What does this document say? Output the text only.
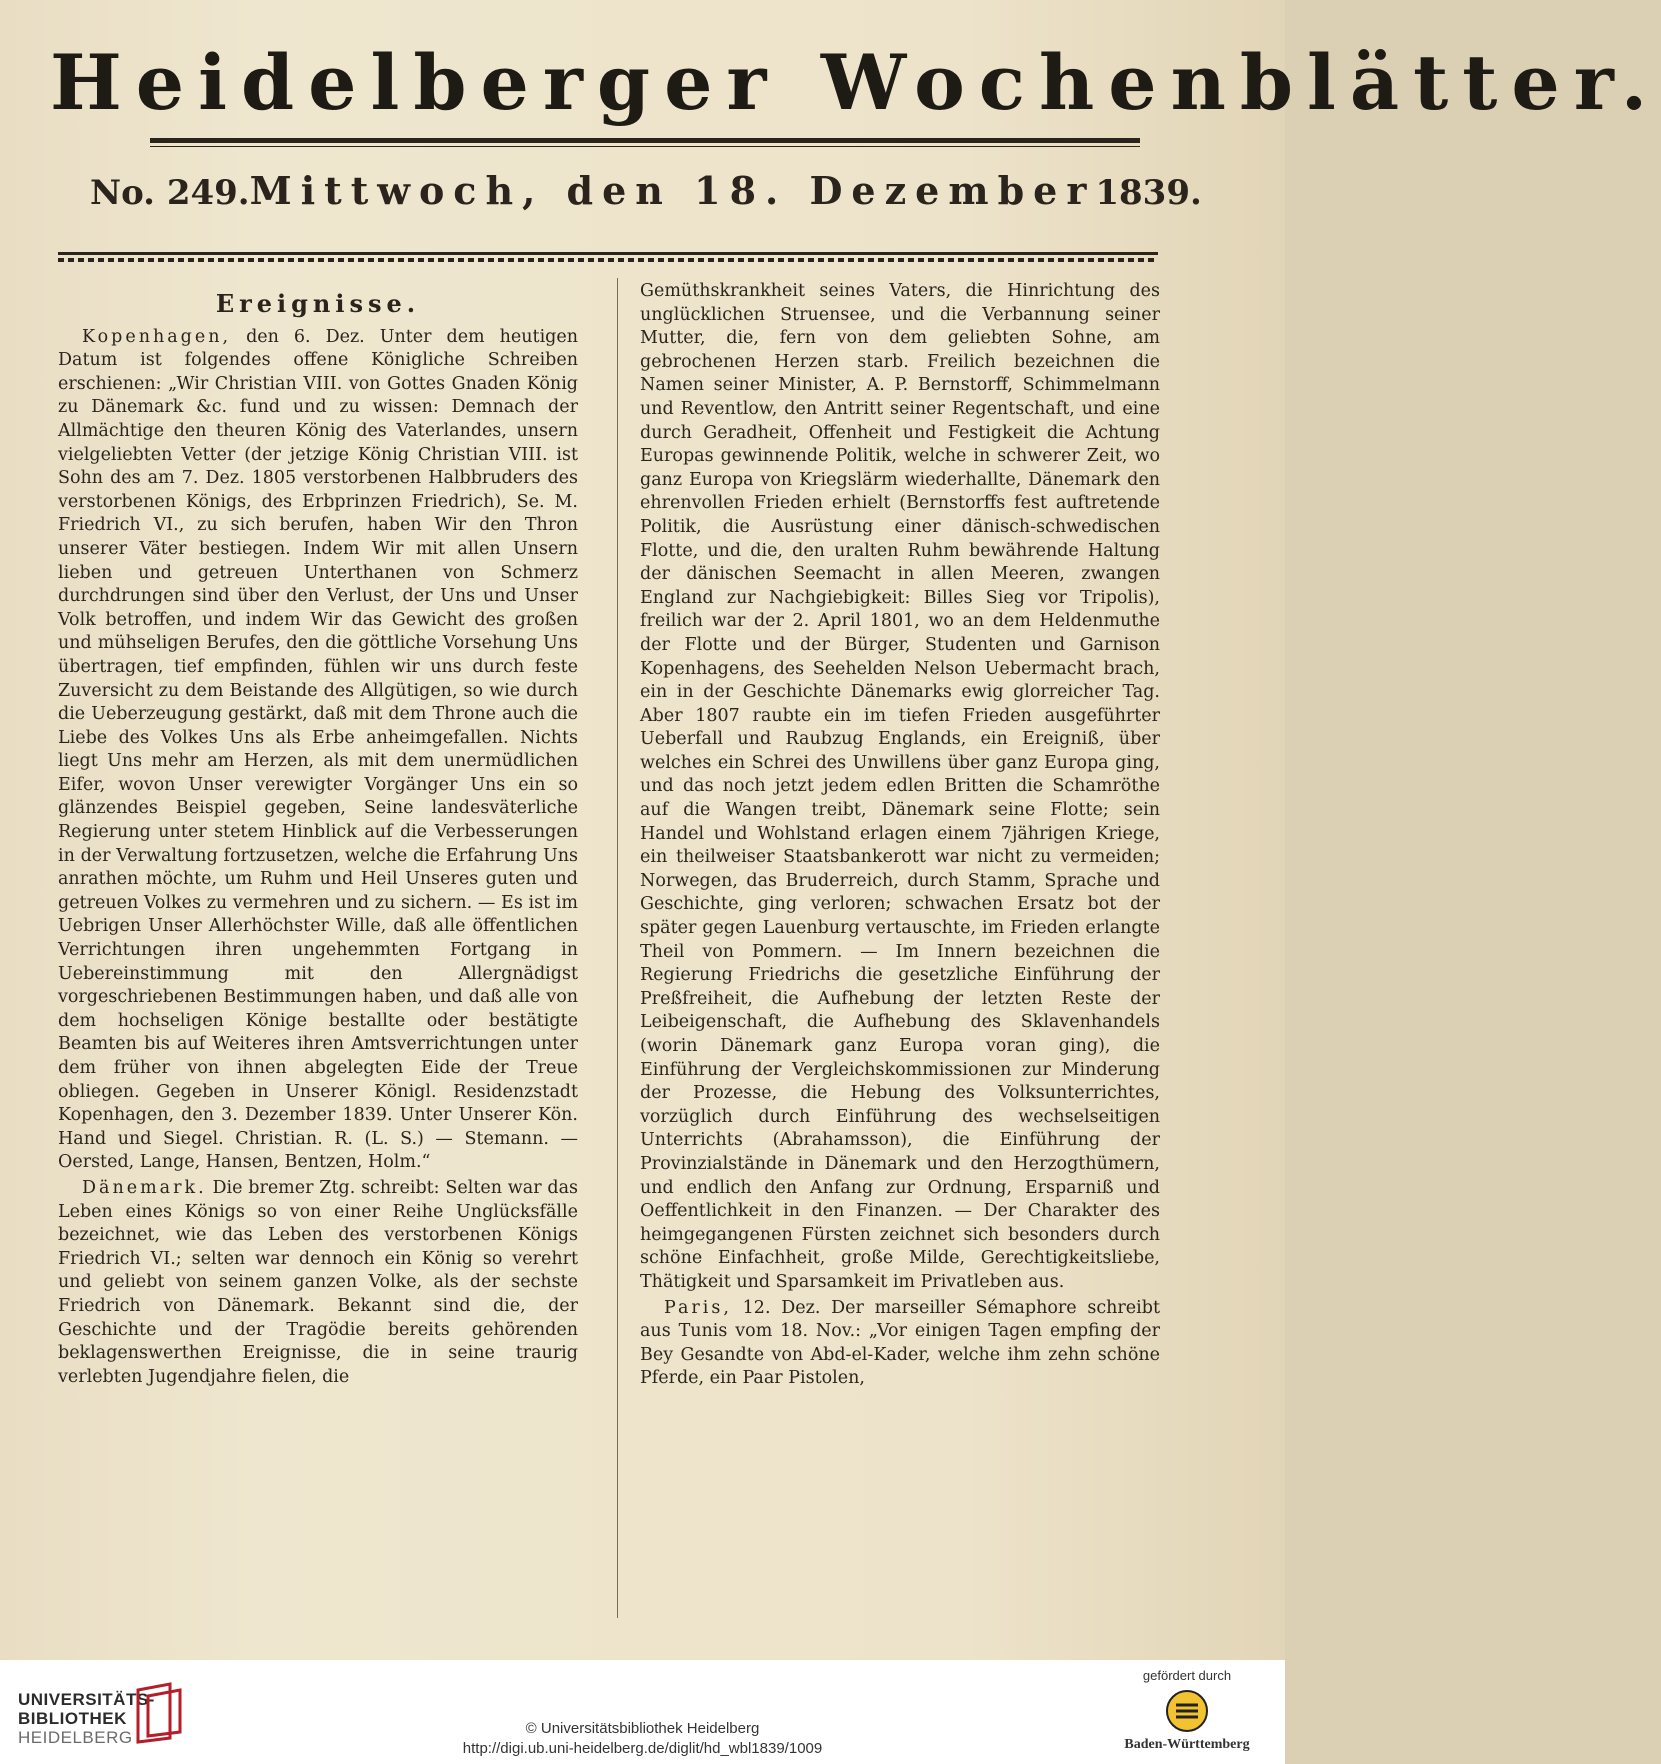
Heidelberger Wochenblätter.
No. 249. Mittwoch, den 18. Dezember 1839.
Ereignisse.

Kopenhagen, den 6. Dez. Unter dem heutigen Datum ist folgendes offene Königliche Schreiben erschienen: „Wir Christian VIII. von Gottes Gnaden König zu Dänemark &c. fund und zu wissen: Demnach der Allmächtige den theuren König des Vaterlandes, unsern vielgeliebten Vetter (der jetzige König Christian VIII. ist Sohn des am 7. Dez. 1805 verstorbenen Halbbruders des verstorbenen Königs, des Erbprinzen Friedrich), Se. M. Friedrich VI., zu sich berufen, haben Wir den Thron unserer Väter bestiegen. Indem Wir mit allen Unsern lieben und getreuen Unterthanen von Schmerz durchdrungen sind über den Verlust, der Uns und Unser Volk betroffen, und indem Wir das Gewicht des großen und mühseligen Berufes, den die göttliche Vorsehung Uns übertragen, tief empfinden, fühlen wir uns durch feste Zuversicht zu dem Beistande des Allgütigen, so wie durch die Ueberzeugung gestärkt, daß mit dem Throne auch die Liebe des Volkes Uns als Erbe anheimgefallen. Nichts liegt Uns mehr am Herzen, als mit dem unermüdlichen Eifer, wovon Unser verewigter Vorgänger Uns ein so glänzendes Beispiel gegeben, Seine landesväterliche Regierung unter stetem Hinblick auf die Verbesserungen in der Verwaltung fortzusetzen, welche die Erfahrung Uns anrathen möchte, um Ruhm und Heil Unseres guten und getreuen Volkes zu vermehren und zu sichern. — Es ist im Uebrigen Unser Allerhöchster Wille, daß alle öffentlichen Verrichtungen ihren ungehemmten Fortgang in Uebereinstimmung mit den Allergnädigst vorgeschriebenen Bestimmungen haben, und daß alle von dem hochseligen Könige bestallte oder bestätigte Beamten bis auf Weiteres ihren Amtsverrichtungen unter dem früher von ihnen abgelegten Eide der Treue obliegen. Gegeben in Unserer Königl. Residenzstadt Kopenhagen, den 3. Dezember 1839. Unter Unserer Kön. Hand und Siegel. Christian. R. (L. S.) — Stemann. — Oersted, Lange, Hansen, Bentzen, Holm.“

Dänemark. Die bremer Ztg. schreibt: Selten war das Leben eines Königs so von einer Reihe Unglücksfälle bezeichnet, wie das Leben des verstorbenen Königs Friedrich VI.; selten war dennoch ein König so verehrt und geliebt von seinem ganzen Volke, als der sechste Friedrich von Dänemark. Bekannt sind die, der Geschichte und der Tragödie bereits gehörenden beklagenswerthen Ereignisse, die in seine traurig verlebten Jugendjahre fielen, die

Gemüthskrankheit seines Vaters, die Hinrichtung des unglücklichen Struensee, und die Verbannung seiner Mutter, die, fern von dem geliebten Sohne, am gebrochenen Herzen starb. Freilich bezeichnen die Namen seiner Minister, A. P. Bernstorff, Schimmelmann und Reventlow, den Antritt seiner Regentschaft, und eine durch Geradheit, Offenheit und Festigkeit die Achtung Europas gewinnende Politik, welche in schwerer Zeit, wo ganz Europa von Kriegslärm wiederhallte, Dänemark den ehrenvollen Frieden erhielt (Bernstorffs fest auftretende Politik, die Ausrüstung einer dänisch-schwedischen Flotte, und die, den uralten Ruhm bewährende Haltung der dänischen Seemacht in allen Meeren, zwangen England zur Nachgiebigkeit: Billes Sieg vor Tripolis), freilich war der 2. April 1801, wo an dem Heldenmuthe der Flotte und der Bürger, Studenten und Garnison Kopenhagens, des Seehelden Nelson Uebermacht brach, ein in der Geschichte Dänemarks ewig glorreicher Tag. Aber 1807 raubte ein im tiefen Frieden ausgeführter Ueberfall und Raubzug Englands, ein Ereigniß, über welches ein Schrei des Unwillens über ganz Europa ging, und das noch jetzt jedem edlen Britten die Schamröthe auf die Wangen treibt, Dänemark seine Flotte; sein Handel und Wohlstand erlagen einem 7jährigen Kriege, ein theilweiser Staatsbankerott war nicht zu vermeiden; Norwegen, das Bruderreich, durch Stamm, Sprache und Geschichte, ging verloren; schwachen Ersatz bot der später gegen Lauenburg vertauschte, im Frieden erlangte Theil von Pommern. — Im Innern bezeichnen die Regierung Friedrichs die gesetzliche Einführung der Preßfreiheit, die Aufhebung der letzten Reste der Leibeigenschaft, die Aufhebung des Sklavenhandels (worin Dänemark ganz Europa voran ging), die Einführung der Vergleichskommissionen zur Minderung der Prozesse, die Hebung des Volksunterrichtes, vorzüglich durch Einführung des wechselseitigen Unterrichts (Abrahamsson), die Einführung der Provinzialstände in Dänemark und den Herzogthümern, und endlich den Anfang zur Ordnung, Ersparniß und Oeffentlichkeit in den Finanzen. — Der Charakter des heimgegangenen Fürsten zeichnet sich besonders durch schöne Einfachheit, große Milde, Gerechtigkeitsliebe, Thätigkeit und Sparsamkeit im Privatleben aus.

Paris, 12. Dez. Der marseiller Sémaphore schreibt aus Tunis vom 18. Nov.: „Vor einigen Tagen empfing der Bey Gesandte von Abd-el-Kader, welche ihm zehn schöne Pferde, ein Paar Pistolen,

UNIVERSITÄTS-
BIBLIOTHEK
HEIDELBERG	© Universitätsbibliothek Heidelberg
http://digi.ub.uni-heidelberg.de/diglit/hd_wbl1839/1009
gefördert durch
Baden-Württemberg
